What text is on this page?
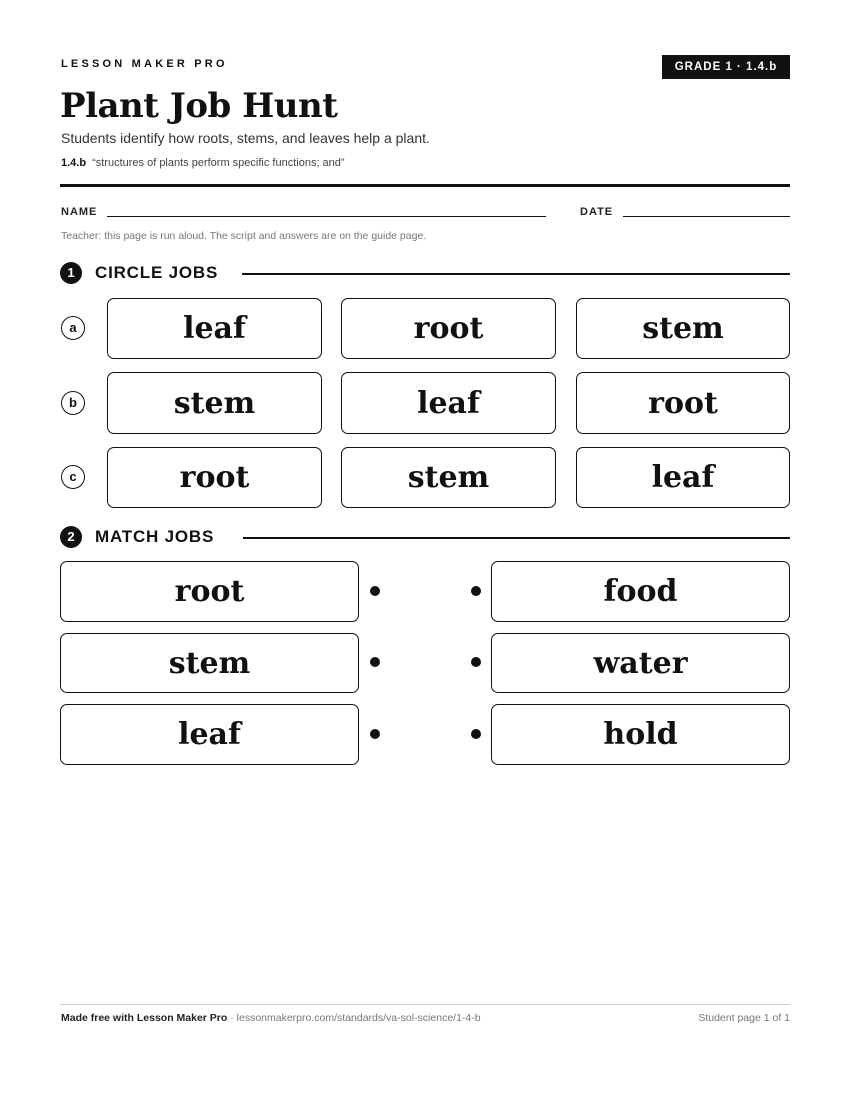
LESSON MAKER PRO	GRADE 1 · 1.4.b
Plant Job Hunt
Students identify how roots, stems, and leaves help a plant.
1.4.b “structures of plants perform specific functions; and”
NAME	DATE
Teacher: this page is run aloud. The script and answers are on the guide page.
1	CIRCLE JOBS
a	leaf	root	stem
b	stem	leaf	root
c	root	stem	leaf
2	MATCH JOBS
root	food
stem	water
leaf	hold
Made free with Lesson Maker Pro · lessonmakerpro.com/standards/va-sol-science/1-4-b	Student page 1 of 1
